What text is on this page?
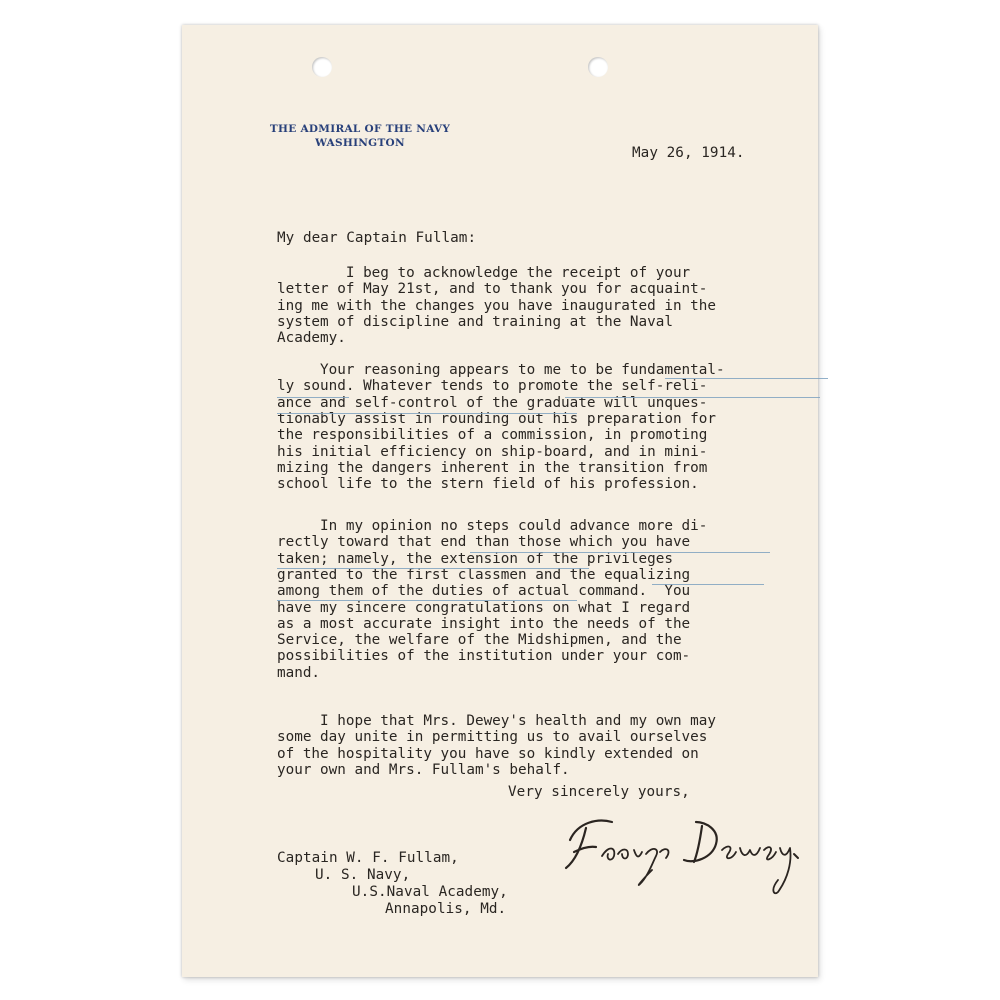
THE ADMIRAL OF THE NAVY
WASHINGTON
May 26, 1914.
My dear Captain Fullam:
I beg to acknowledge the receipt of your
letter of May 21st, and to thank you for acquaint-
ing me with the changes you have inaugurated in the
system of discipline and training at the Naval
Academy.
Your reasoning appears to me to be fundamental-
ly sound. Whatever tends to promote the self-reli-
ance and self-control of the graduate will unques-
tionably assist in rounding out his preparation for
the responsibilities of a commission, in promoting
his initial efficiency on ship-board, and in mini-
mizing the dangers inherent in the transition from
school life to the stern field of his profession.
In my opinion no steps could advance more di-
rectly toward that end than those which you have
taken; namely, the extension of the privileges
granted to the first classmen and the equalizing
among them of the duties of actual command.  You
have my sincere congratulations on what I regard
as a most accurate insight into the needs of the
Service, the welfare of the Midshipmen, and the
possibilities of the institution under your com-
mand.
I hope that Mrs. Dewey's health and my own may
some day unite in permitting us to avail ourselves
of the hospitality you have so kindly extended on
your own and Mrs. Fullam's behalf.
Very sincerely yours,
Captain W. F. Fullam,
U. S. Navy,
U.S.Naval Academy,
Annapolis, Md.
